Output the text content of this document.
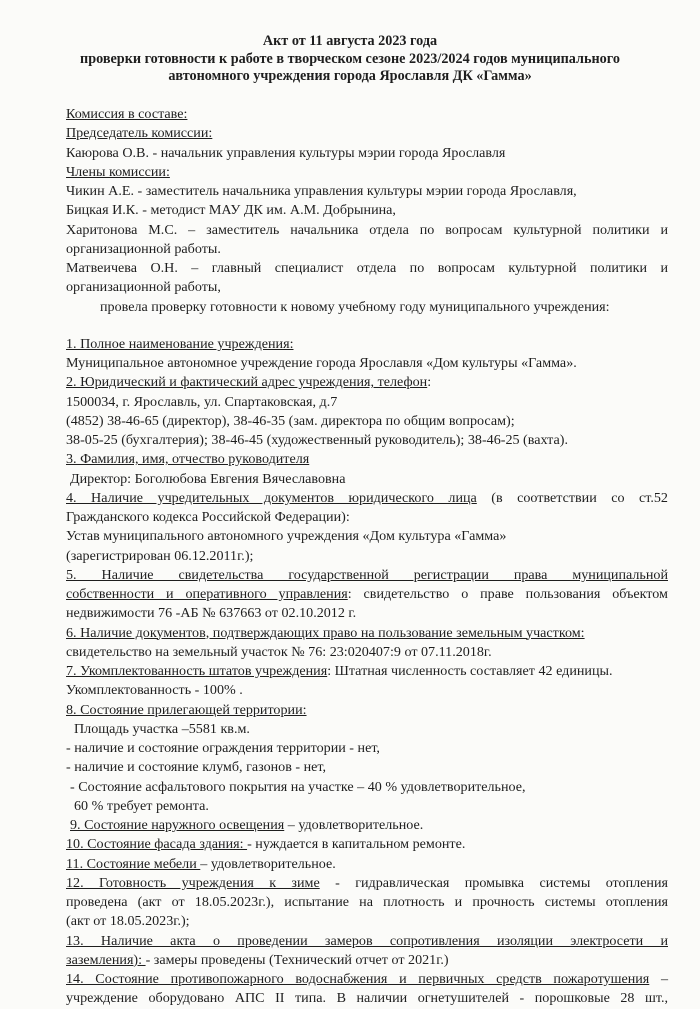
Акт от 11 августа 2023 года
проверки готовности к работе в творческом сезоне 2023/2024 годов муниципального
автономного учреждения города Ярославля ДК «Гамма»

Комиссия в составе:

Председатель комиссии:

Каюрова О.В. - начальник управления культуры мэрии города Ярославля

Члены комиссии:

Чикин А.Е. - заместитель начальника управления культуры мэрии города Ярославля,

Бицкая И.К. - методист МАУ ДК им. А.М. Добрынина,

Харитонова М.С. – заместитель начальника отдела по вопросам культурной политики и

организационной работы.

Матвеичева О.Н. – главный специалист отдела по вопросам культурной политики и

организационной работы,

провела проверку готовности к новому учебному году муниципального учреждения:

1. Полное наименование учреждения:

Муниципальное автономное учреждение города Ярославля «Дом культуры «Гамма».

2. Юридический и фактический адрес учреждения, телефон:

1500034, г. Ярославль, ул. Спартаковская, д.7

(4852) 38-46-65 (директор), 38-46-35 (зам. директора по общим вопросам);

38-05-25 (бухгалтерия); 38-46-45 (художественный руководитель); 38-46-25 (вахта).

3. Фамилия, имя, отчество руководителя

Директор: Боголюбова Евгения Вячеславовна

4. Наличие учредительных документов юридического лица (в соответствии со ст.52

Гражданского кодекса Российской Федерации):

Устав муниципального автономного учреждения «Дом культура «Гамма»

(зарегистрирован 06.12.2011г.);

5. Наличие свидетельства государственной регистрации права муниципальной

собственности и оперативного управления: свидетельство о праве пользования объектом

недвижимости 76 -АБ № 637663 от 02.10.2012 г.

6. Наличие документов, подтверждающих право на пользование земельным участком:

свидетельство на земельный участок № 76: 23:020407:9 от 07.11.2018г.

7. Укомплектованность штатов учреждения: Штатная численность составляет 42 единицы.

Укомплектованность - 100% .

8. Состояние прилегающей территории:

Площадь участка –5581 кв.м.

- наличие и состояние ограждения территории - нет,

- наличие и состояние клумб, газонов - нет,

- Состояние асфальтового покрытия на участке – 40 % удовлетворительное,

60 % требует ремонта.

9. Состояние наружного освещения – удовлетворительное.

10. Состояние фасада здания: - нуждается в капитальном ремонте.

11. Состояние мебели – удовлетворительное.

12. Готовность учреждения к зиме - гидравлическая промывка системы отопления

проведена (акт от 18.05.2023г.), испытание на плотность и прочность системы отопления

(акт от 18.05.2023г.);

13. Наличие акта о проведении замеров сопротивления изоляции электросети и

заземления): - замеры проведены (Технический отчет от 2021г.)

14. Состояние противопожарного водоснабжения и первичных средств пожаротушения –

учреждение оборудовано АПС II типа. В наличии огнетушителей - порошковые 28 шт.,
